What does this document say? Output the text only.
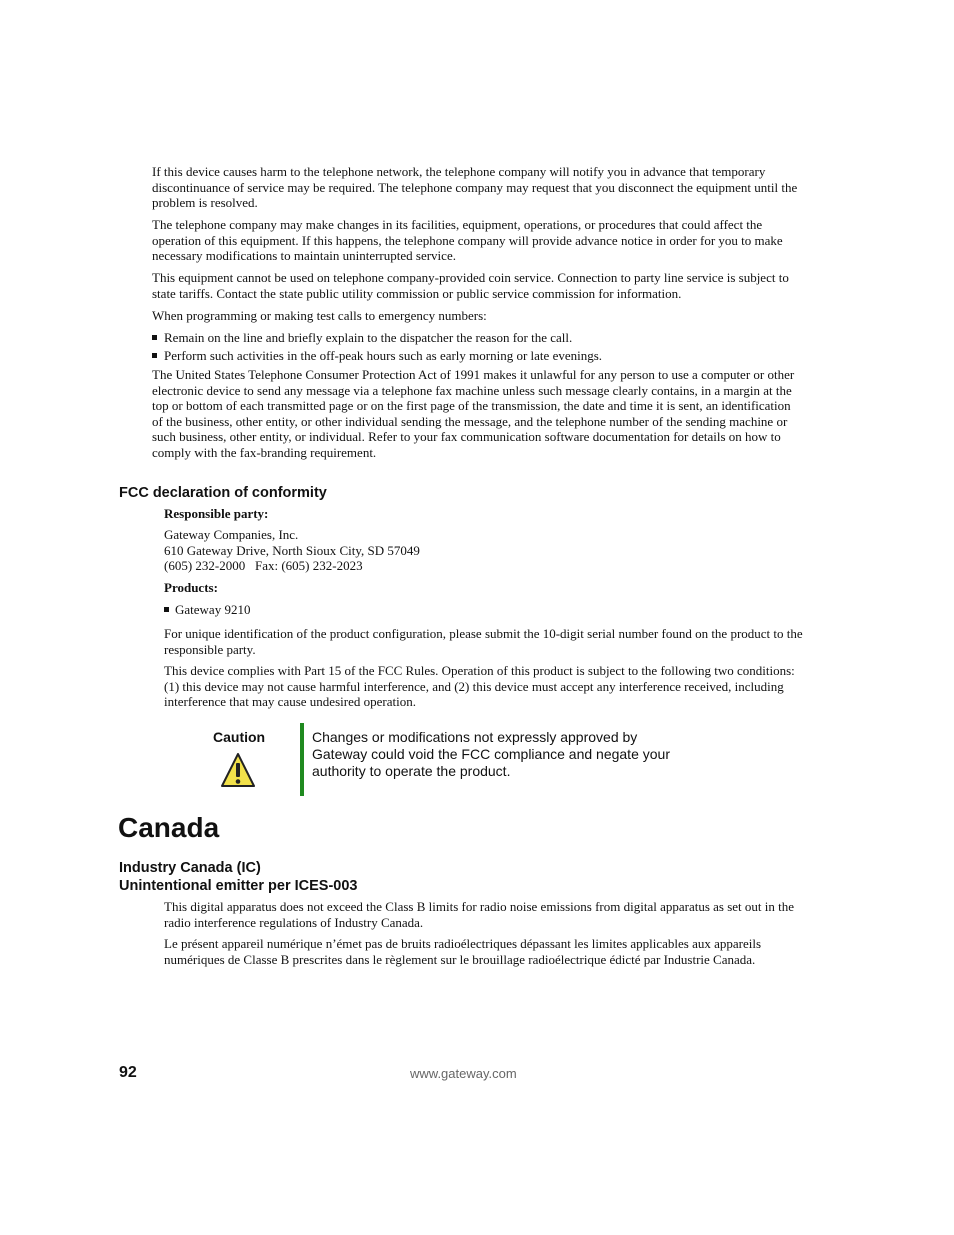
If this device causes harm to the telephone network, the telephone company will notify you in advance that temporary discontinuance of service may be required. The telephone company may request that you disconnect the equipment until the problem is resolved.

The telephone company may make changes in its facilities, equipment, operations, or procedures that could affect the operation of this equipment. If this happens, the telephone company will provide advance notice in order for you to make necessary modifications to maintain uninterrupted service.

This equipment cannot be used on telephone company-provided coin service. Connection to party line service is subject to state tariffs. Contact the state public utility commission or public service commission for information.

When programming or making test calls to emergency numbers:

Remain on the line and briefly explain to the dispatcher the reason for the call.
Perform such activities in the off-peak hours such as early morning or late evenings.

The United States Telephone Consumer Protection Act of 1991 makes it unlawful for any person to use a computer or other electronic device to send any message via a telephone fax machine unless such message clearly contains, in a margin at the top or bottom of each transmitted page or on the first page of the transmission, the date and time it is sent, an identification of the business, other entity, or other individual sending the message, and the telephone number of the sending machine or such business, other entity, or individual. Refer to your fax communication software documentation for details on how to comply with the fax-branding requirement.

FCC declaration of conformity

Responsible party:

Gateway Companies, Inc.
610 Gateway Drive, North Sioux City, SD 57049
(605) 232-2000   Fax: (605) 232-2023

Products:

Gateway 9210

For unique identification of the product configuration, please submit the 10-digit serial number found on the product to the responsible party.

This device complies with Part 15 of the FCC Rules. Operation of this product is subject to the following two conditions: (1) this device may not cause harmful interference, and (2) this device must accept any interference received, including interference that may cause undesired operation.

Caution	Changes or modifications not expressly approved by Gateway could void the FCC compliance and negate your authority to operate the product.
Canada
Industry Canada (IC)
Unintentional emitter per ICES-003

This digital apparatus does not exceed the Class B limits for radio noise emissions from digital apparatus as set out in the radio interference regulations of Industry Canada.

Le présent appareil numérique n’émet pas de bruits radioélectriques dépassant les limites applicables aux appareils numériques de Classe B prescrites dans le règlement sur le brouillage radioélectrique édicté par Industrie Canada.

92	www.gateway.com
